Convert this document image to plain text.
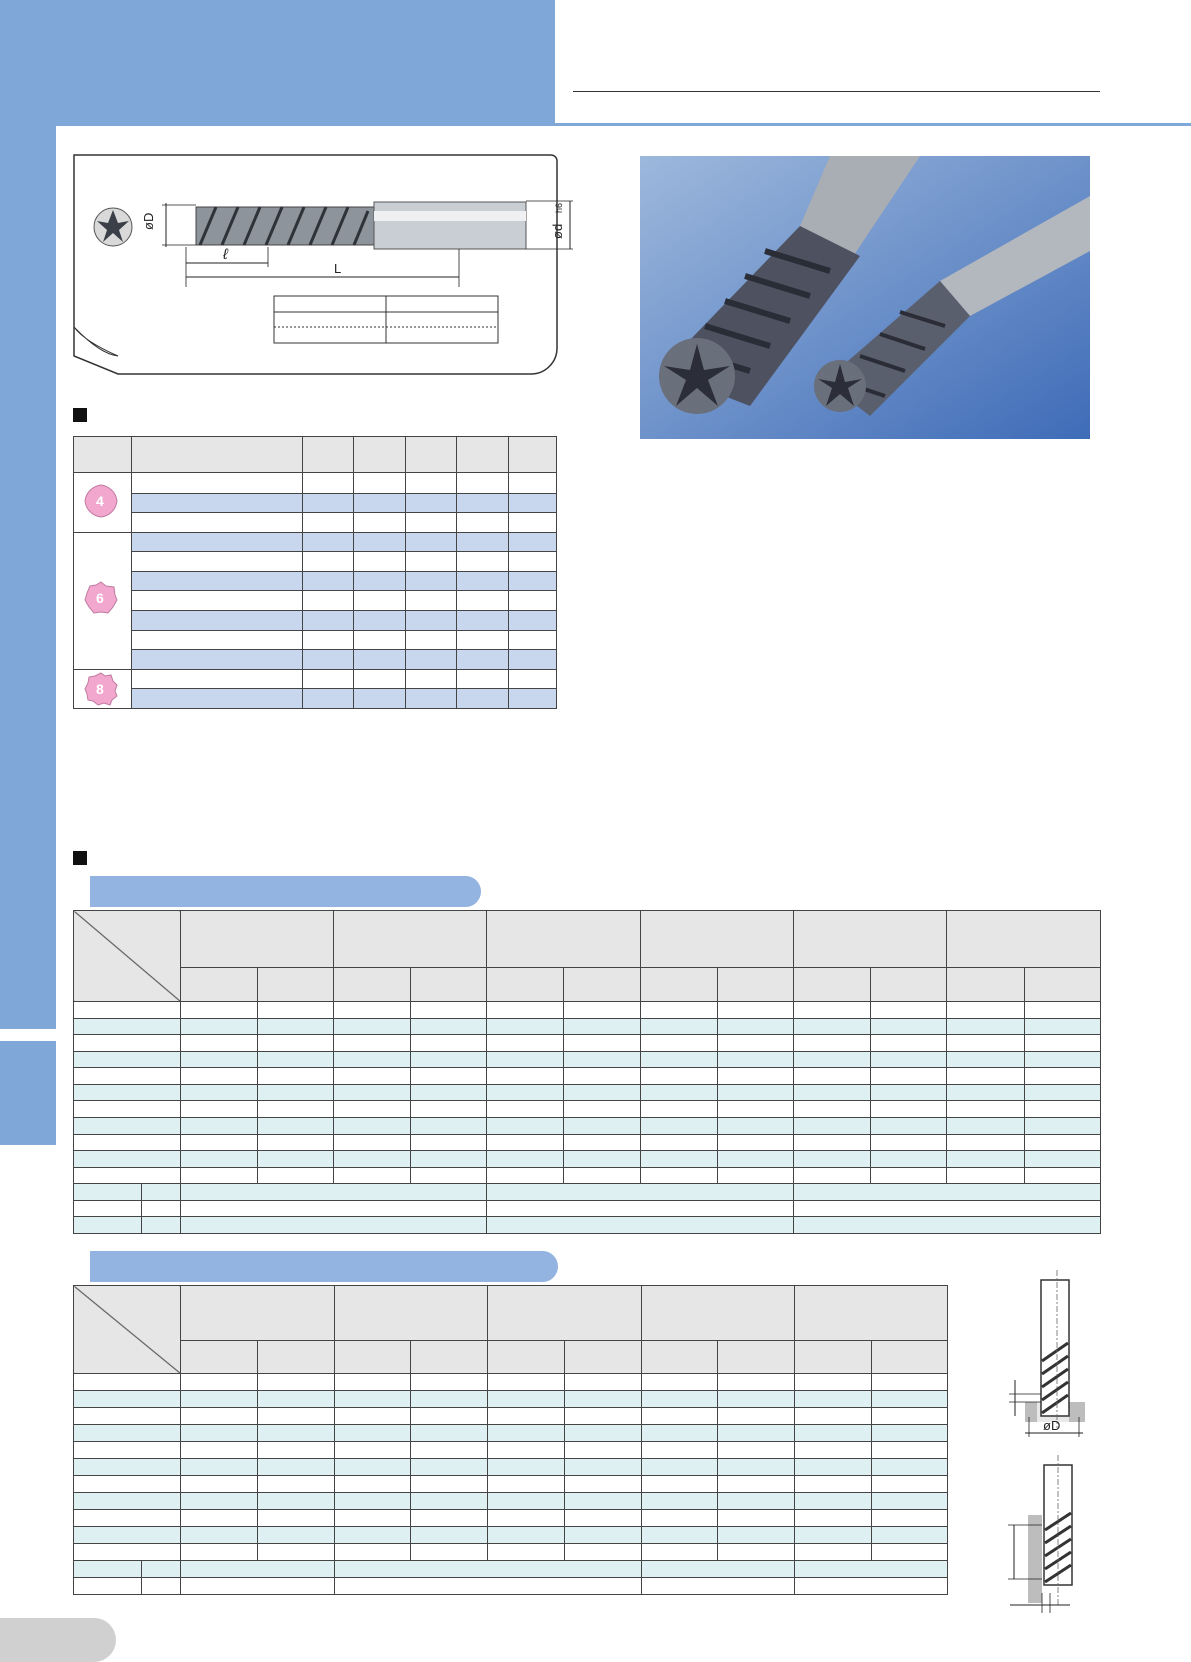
øD
ød
h6
ℓ
L

4
6
8

øD
